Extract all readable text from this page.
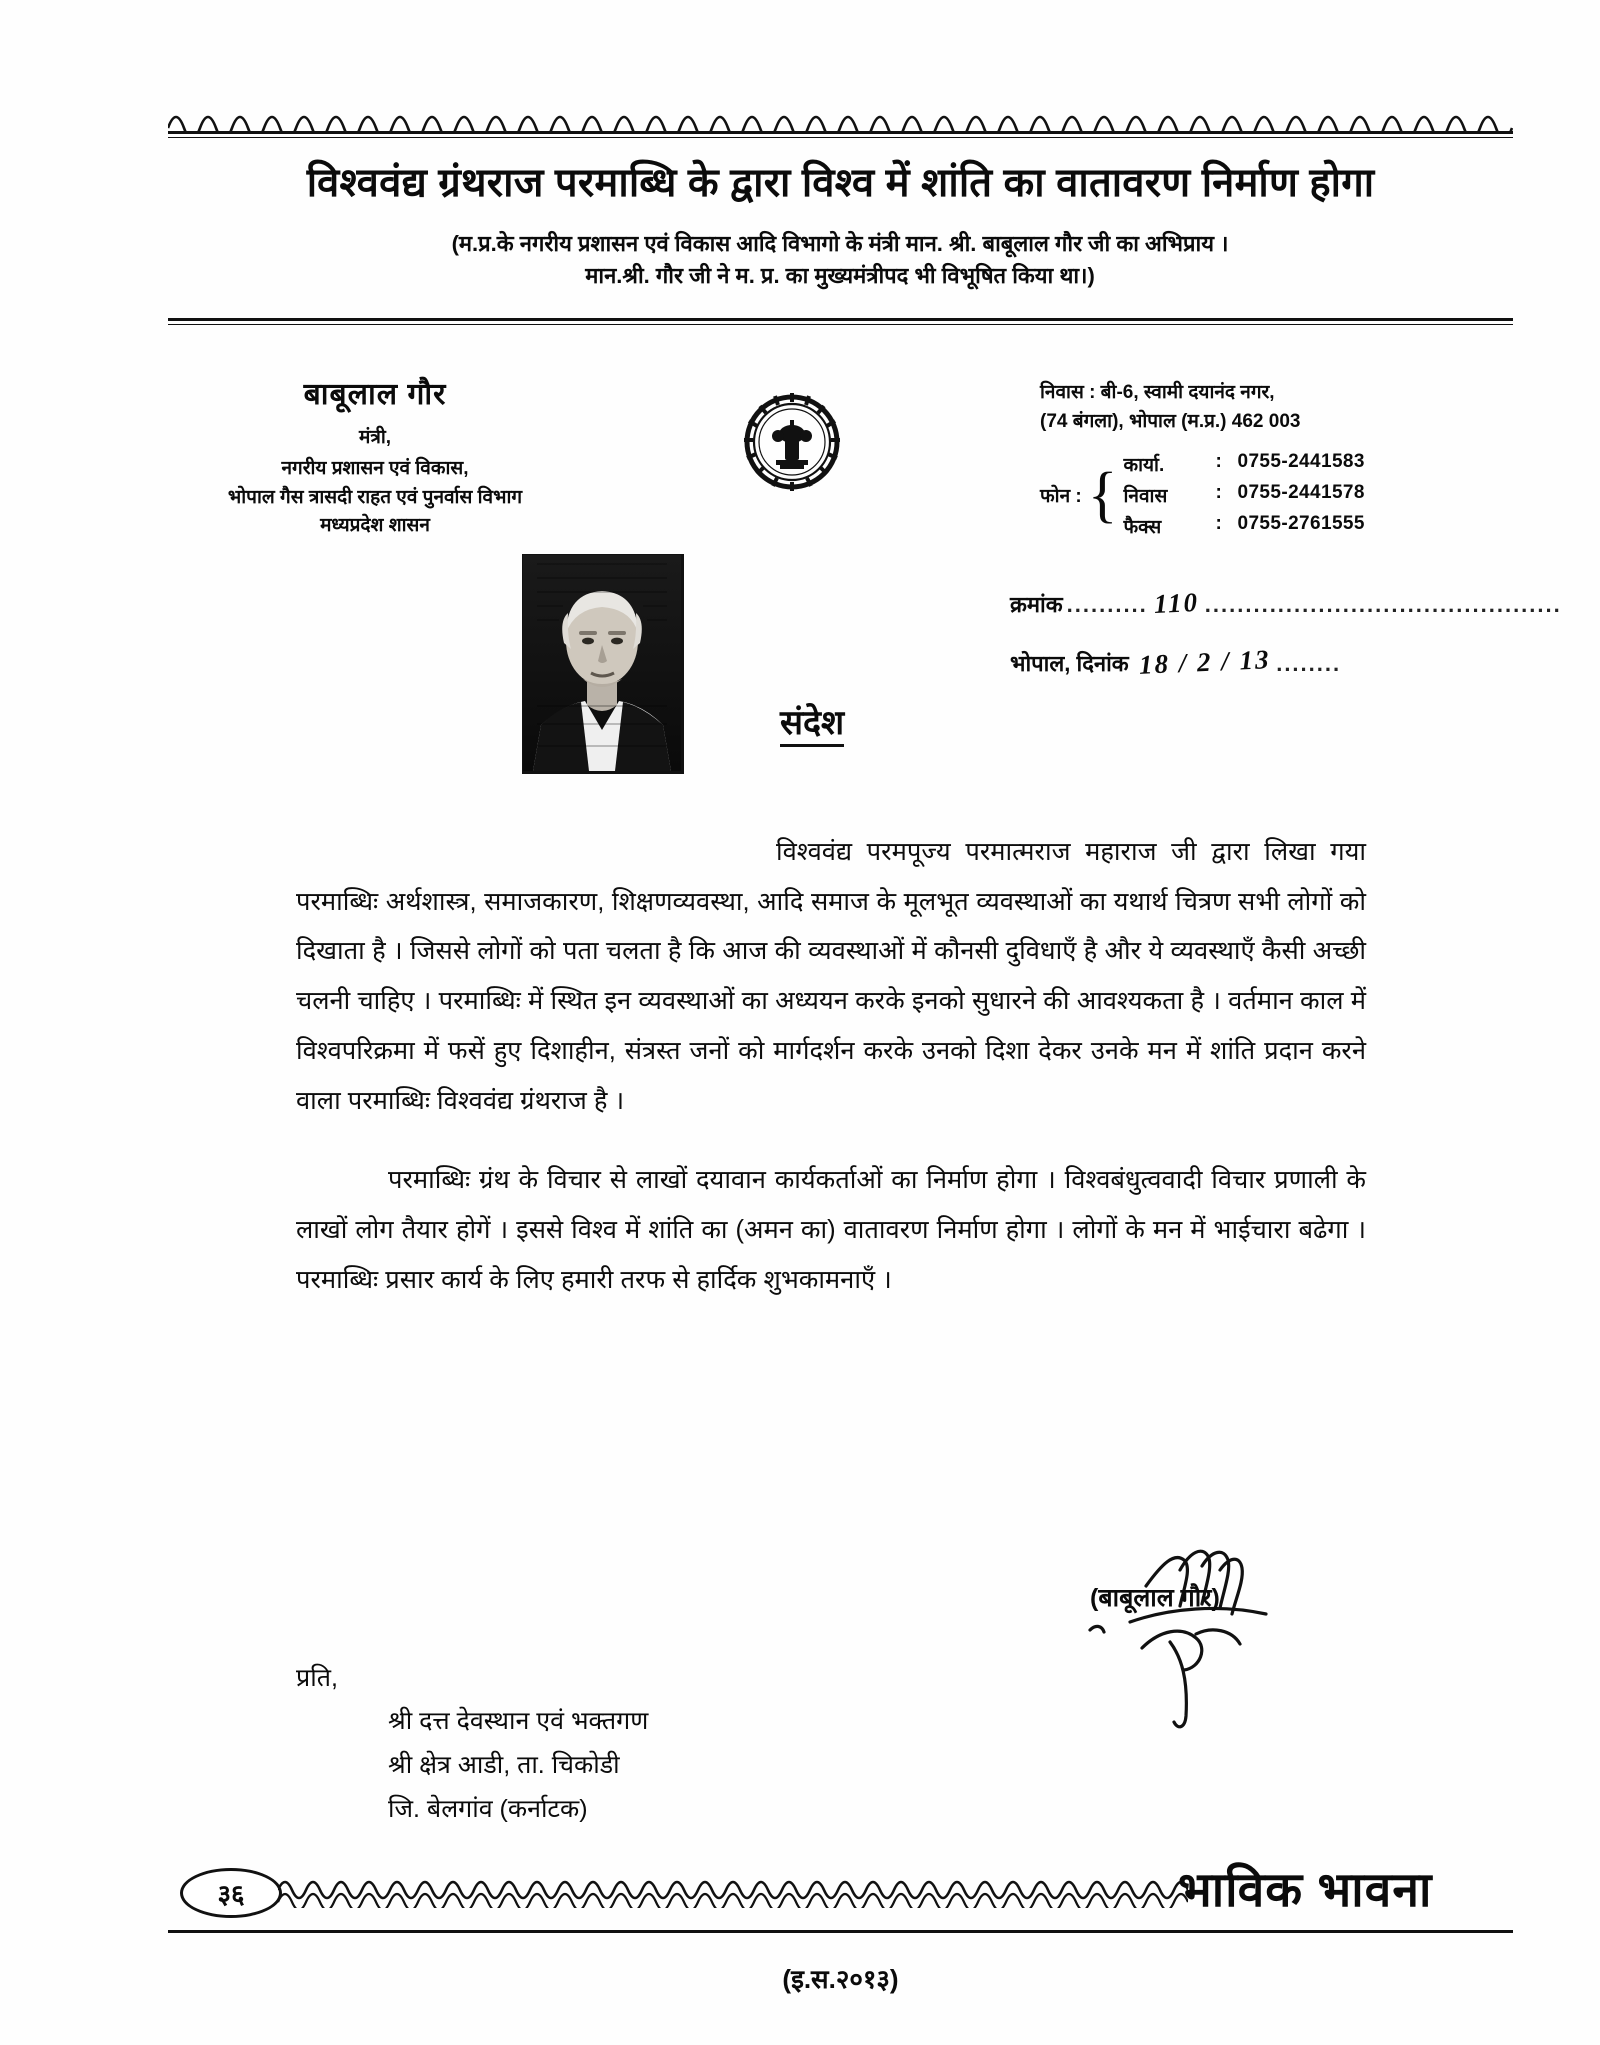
विश्ववंद्य ग्रंथराज परमाब्धि के द्वारा विश्व में शांति का वातावरण निर्माण होगा
(म.प्र.के नगरीय प्रशासन एवं विकास आदि विभागो के मंत्री मान. श्री. बाबूलाल गौर जी का अभिप्राय ।
मान.श्री. गौर जी ने म. प्र. का मुख्यमंत्रीपद भी विभूषित किया था।)
बाबूलाल गौर
मंत्री,
नगरीय प्रशासन एवं विकास,
भोपाल गैस त्रासदी राहत एवं पुनर्वास विभाग
मध्यप्रदेश शासन
निवास : बी-6, स्वामी दयानंद नगर,
(74 बंगला), भोपाल (म.प्र.) 462 003
फोन : { कार्या.	: 0755-2441583
निवास	: 0755-2441578
फैक्स	: 0755-2761555
क्रमांक .......... 110 ............................................
भोपाल, दिनांक 18 / 2 / 13 ........
संदेश

विश्ववंद्य परमपूज्य परमात्मराज महाराज जी द्वारा लिखा गया परमाब्धिः अर्थशास्त्र, समाजकारण, शिक्षणव्यवस्था, आदि समाज के मूलभूत व्यवस्थाओं का यथार्थ चित्रण सभी लोगों को दिखाता है । जिससे लोगों को पता चलता है कि आज की व्यवस्थाओं में कौनसी दुविधाएँ है और ये व्यवस्थाएँ कैसी अच्छी चलनी चाहिए । परमाब्धिः में स्थित इन व्यवस्थाओं का अध्ययन करके इनको सुधारने की आवश्यकता है । वर्तमान काल में विश्वपरिक्रमा में फसें हुए दिशाहीन, संत्रस्त जनों को मार्गदर्शन करके उनको दिशा देकर उनके मन में शांति प्रदान करने वाला परमाब्धिः विश्ववंद्य ग्रंथराज है ।

परमाब्धिः ग्रंथ के विचार से लाखों दयावान कार्यकर्ताओं का निर्माण होगा । विश्वबंधुत्ववादी विचार प्रणाली के लाखों लोग तैयार होगें । इससे विश्व में शांति का (अमन का) वातावरण निर्माण होगा । लोगों के मन में भाईचारा बढेगा । परमाब्धिः प्रसार कार्य के लिए हमारी तरफ से हार्दिक शुभकामनाएँ ।

(बाबूलाल गौर)
प्रति,
श्री दत्त देवस्थान एवं भक्तगण
श्री क्षेत्र आडी, ता. चिकोडी
जि. बेलगांव (कर्नाटक)
३६	भाविक भावना
(इ.स.२०१३)
